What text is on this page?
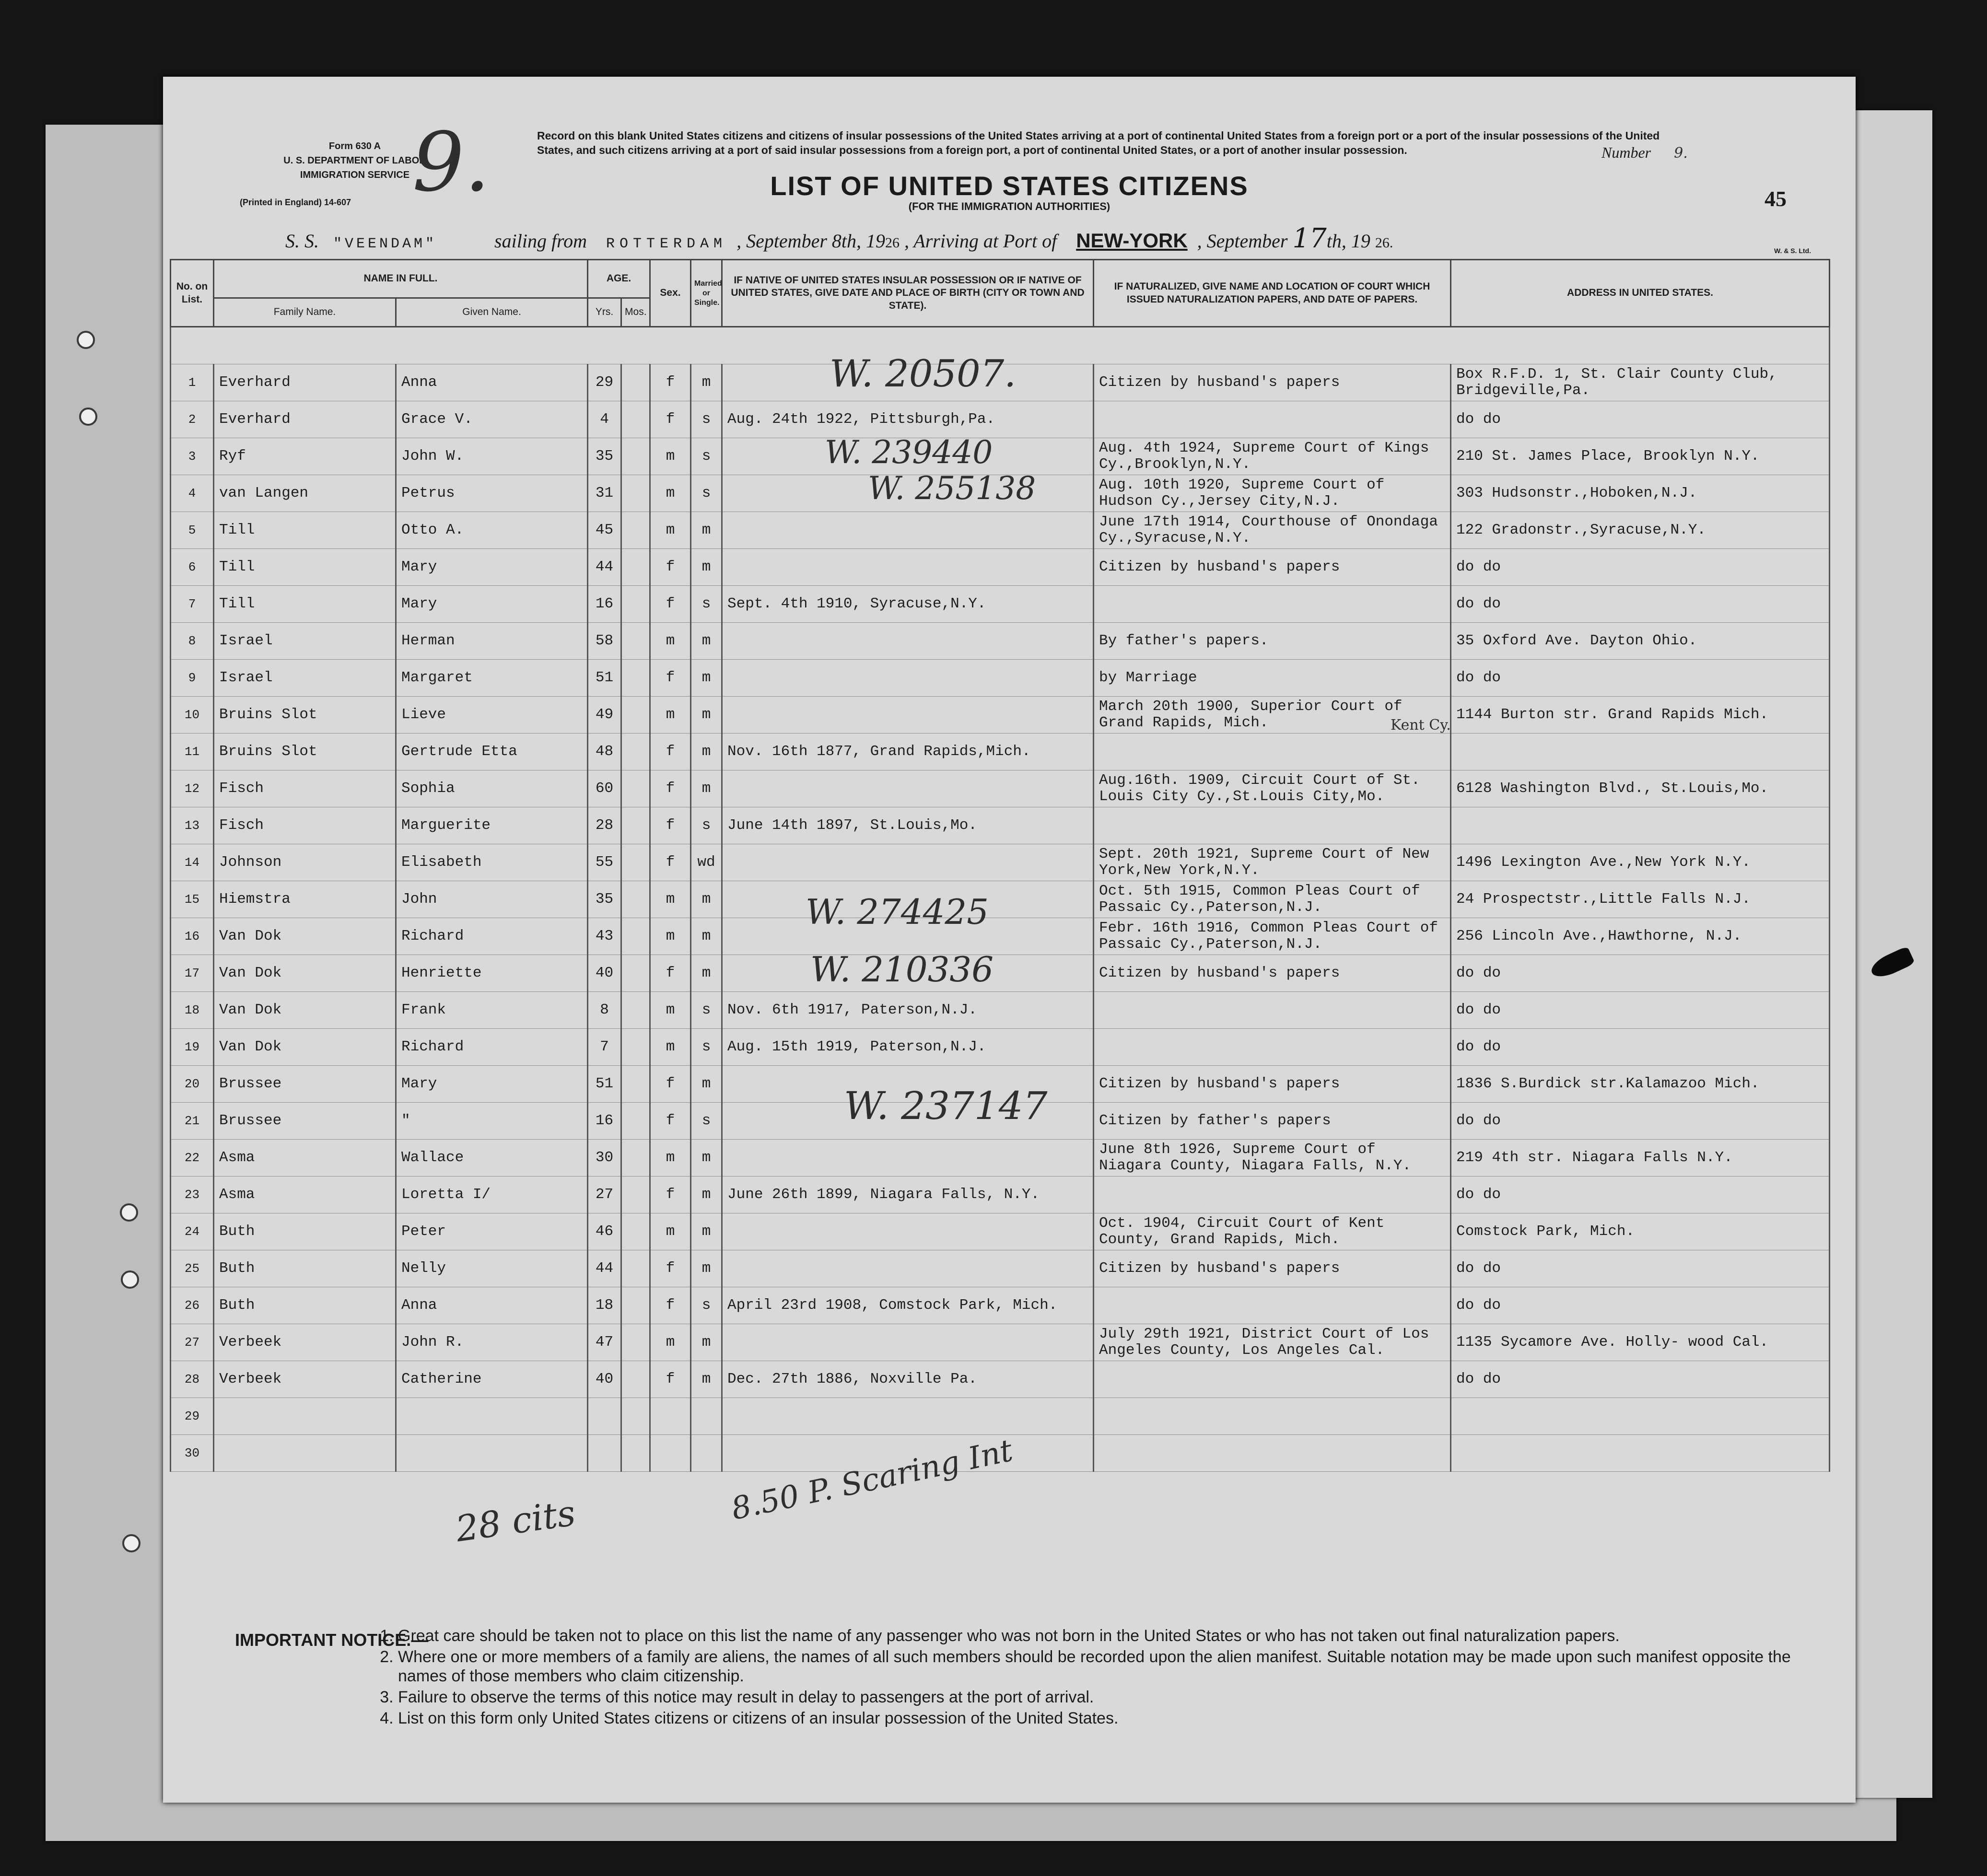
Form 630 A
U. S. DEPARTMENT OF LABOR
IMMIGRATION SERVICE
(Printed in England) 14-607 9.	Record on this blank United States citizens and citizens of insular possessions of the United States arriving at a port of continental United States from a foreign port or a port of the insular possessions of the United States, and such citizens arriving at a port of said insular possessions from a foreign port, a port of continental United States, or a port of another insular possession.	Number 9.
LIST OF UNITED STATES CITIZENS
(FOR THE IMMIGRATION AUTHORITIES)	45
S. S. "VEENDAM"	sailing from ROTTERDAM , September 8th, 1926 , Arriving at Port of NEW-YORK , September 17th, 19 26.	W. & S. Ltd.
No. on List.	NAME IN FULL.		AGE.		Sex.	Married or Single.	IF NATIVE OF UNITED STATES INSULAR POSSESSION OR IF NATIVE OF UNITED STATES, GIVE DATE AND PLACE OF BIRTH (CITY OR TOWN AND STATE).	IF NATURALIZED, GIVE NAME AND LOCATION OF COURT WHICH ISSUED NATURALIZATION PAPERS, AND DATE OF PAPERS.	ADDRESS IN UNITED STATES.
	Family Name.	Given Name.	Yrs.	Mos.					

1	Everhard	Anna	29		f	m		Citizen by husband's papers	Box R.F.D. 1, St. Clair County Club, Bridgeville,Pa.
2	Everhard	Grace V.	4		f	s	Aug. 24th 1922, Pittsburgh,Pa.		do do
3	Ryf	John W.	35		m	s		Aug. 4th 1924, Supreme Court of Kings Cy.,Brooklyn,N.Y.	210 St. James Place, Brooklyn N.Y.
4	van Langen	Petrus	31		m	s		Aug. 10th 1920, Supreme Court of Hudson Cy.,Jersey City,N.J.	303 Hudsonstr.,Hoboken,N.J.
5	Till	Otto A.	45		m	m		June 17th 1914, Courthouse of Onondaga Cy.,Syracuse,N.Y.	122 Gradonstr.,Syracuse,N.Y.
6	Till	Mary	44		f	m		Citizen by husband's papers	do do
7	Till	Mary	16		f	s	Sept. 4th 1910, Syracuse,N.Y.		do do
8	Israel	Herman	58		m	m		By father's papers.	35 Oxford Ave. Dayton Ohio.
9	Israel	Margaret	51		f	m		by Marriage	do do
10	Bruins Slot	Lieve	49		m	m		March 20th 1900, Superior Court of Grand Rapids, Mich.	1144 Burton str. Grand Rapids Mich.
11	Bruins Slot	Gertrude Etta	48		f	m	Nov. 16th 1877, Grand Rapids,Mich.		
12	Fisch	Sophia	60		f	m		Aug.16th. 1909, Circuit Court of St. Louis City Cy.,St.Louis City,Mo.	6128 Washington Blvd., St.Louis,Mo.
13	Fisch	Marguerite	28		f	s	June 14th 1897, St.Louis,Mo.		
14	Johnson	Elisabeth	55		f	wd		Sept. 20th 1921, Supreme Court of New York,New York,N.Y.	1496 Lexington Ave.,New York N.Y.
15	Hiemstra	John	35		m	m		Oct. 5th 1915, Common Pleas Court of Passaic Cy.,Paterson,N.J.	24 Prospectstr.,Little Falls N.J.
16	Van Dok	Richard	43		m	m		Febr. 16th 1916, Common Pleas Court of Passaic Cy.,Paterson,N.J.	256 Lincoln Ave.,Hawthorne, N.J.
17	Van Dok	Henriette	40		f	m		Citizen by husband's papers	do do
18	Van Dok	Frank	8		m	s	Nov. 6th 1917, Paterson,N.J.		do do
19	Van Dok	Richard	7		m	s	Aug. 15th 1919, Paterson,N.J.		do do
20	Brussee	Mary	51		f	m		Citizen by husband's papers	1836 S.Burdick str.Kalamazoo Mich.
21	Brussee	"	16		f	s		Citizen by father's papers	do do
22	Asma	Wallace	30		m	m		June 8th 1926, Supreme Court of Niagara County, Niagara Falls, N.Y.	219 4th str. Niagara Falls N.Y.
23	Asma	Loretta I/	27		f	m	June 26th 1899, Niagara Falls, N.Y.		do do
24	Buth	Peter	46		m	m		Oct. 1904, Circuit Court of Kent County, Grand Rapids, Mich.	Comstock Park, Mich.
25	Buth	Nelly	44		f	m		Citizen by husband's papers	do do
26	Buth	Anna	18		f	s	April 23rd 1908, Comstock Park, Mich.		do do
27	Verbeek	John R.	47		m	m		July 29th 1921, District Court of Los Angeles County, Los Angeles Cal.	1135 Sycamore Ave. Holly- wood Cal.
28	Verbeek	Catherine	40		f	m	Dec. 27th 1886, Noxville Pa.		do do
29									
30									
W. 20507.
W. 239440
W. 255138
W. 274425
W. 210336
W. 237147
Kent Cy.
28 cits	8.50 P. Scaring Int
IMPORTANT NOTICE.—
1. Great care should be taken not to place on this list the name of any passenger who was not born in the United States or who has not taken out final naturalization papers.
2. Where one or more members of a family are aliens, the names of all such members should be recorded upon the alien manifest. Suitable notation may be made upon such manifest opposite the names of those members who claim citizenship.
3. Failure to observe the terms of this notice may result in delay to passengers at the port of arrival.
4. List on this form only United States citizens or citizens of an insular possession of the United States.
